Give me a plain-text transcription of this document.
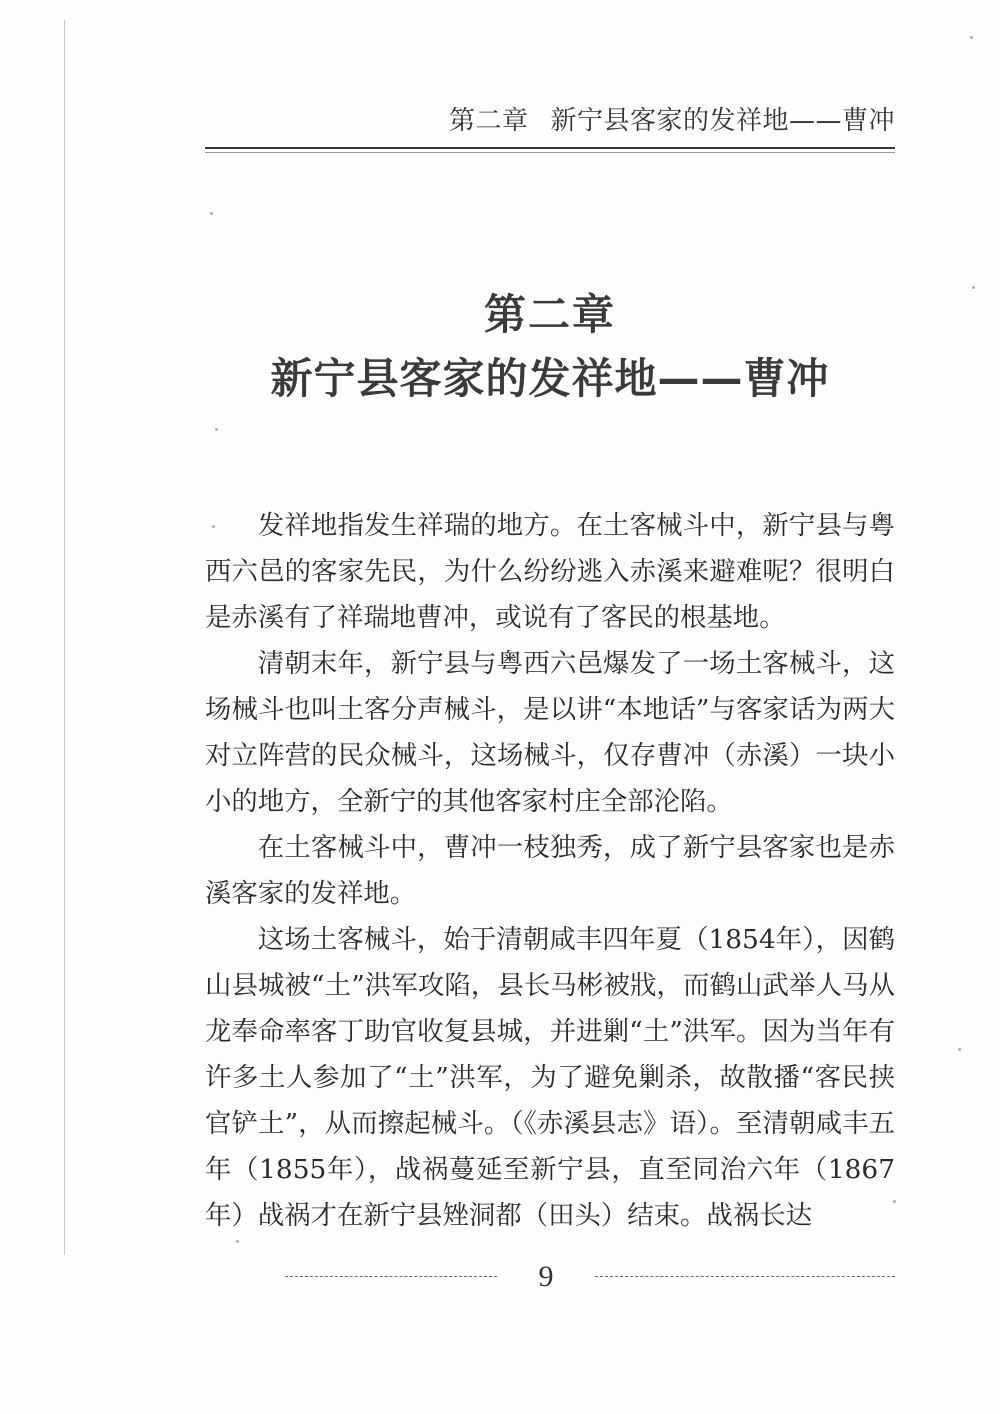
第二章 新宁县客家的发祥地——曹冲
第二章
新宁县客家的发祥地——曹冲

发祥地指发生祥瑞的地方。在土客械斗中，新宁县与粤西六邑的客家先民，为什么纷纷逃入赤溪来避难呢？很明白是赤溪有了祥瑞地曹冲，或说有了客民的根基地。

清朝末年，新宁县与粤西六邑爆发了一场土客械斗，这场械斗也叫土客分声械斗，是以讲“本地话”与客家话为两大对立阵营的民众械斗，这场械斗，仅存曹冲（赤溪）一块小小的地方，全新宁的其他客家村庄全部沦陷。

在土客械斗中，曹冲一枝独秀，成了新宁县客家也是赤溪客家的发祥地。

这场土客械斗，始于清朝咸丰四年夏（1854年），因鹤山县城被“土”洪军攻陷，县长马彬被戕，而鹤山武举人马从龙奉命率客丁助官收复县城，并进剿“土”洪军。因为当年有许多土人参加了“土”洪军，为了避免剿杀，故散播“客民挟官铲土”，从而擦起械斗。（《赤溪县志》语）。至清朝咸丰五年（1855年），战祸蔓延至新宁县，直至同治六年（1867年）战祸才在新宁县矬洞都（田头）结束。战祸长达

9
